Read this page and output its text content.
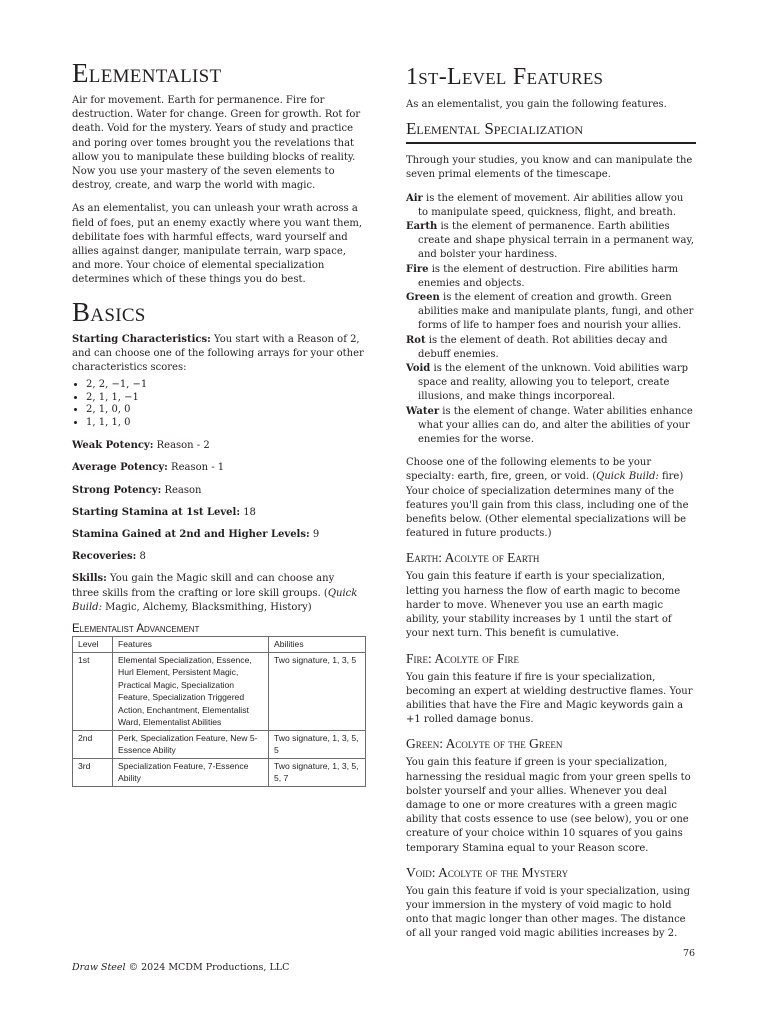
Elementalist

Air for movement. Earth for permanence. Fire for destruction. Water for change. Green for growth. Rot for death. Void for the mystery. Years of study and practice and poring over tomes brought you the revelations that allow you to manipulate these building blocks of reality. Now you use your mastery of the seven elements to destroy, create, and warp the world with magic.

As an elementalist, you can unleash your wrath across a field of foes, put an enemy exactly where you want them, debilitate foes with harmful effects, ward yourself and allies against danger, manipulate terrain, warp space, and more. Your choice of elemental specialization determines which of these things you do best.

Basics

Starting Characteristics: You start with a Reason of 2, and can choose one of the following arrays for your other characteristics scores:

• 2, 2, −1, −1
• 2, 1, 1, −1
• 2, 1, 0, 0
• 1, 1, 1, 0

Weak Potency: Reason - 2

Average Potency: Reason - 1

Strong Potency: Reason

Starting Stamina at 1st Level: 18

Stamina Gained at 2nd and Higher Levels: 9

Recoveries: 8

Skills: You gain the Magic skill and can choose any three skills from the crafting or lore skill groups. (Quick Build: Magic, Alchemy, Blacksmithing, History)

Elementalist Advancement
Level	Features	Abilities
1st	Elemental Specialization, Essence, Hurl Element, Persistent Magic, Practical Magic, Specialization Feature, Specialization Triggered Action, Enchantment, Elementalist Ward, Elementalist Abilities	Two signature, 1, 3, 5
2nd	Perk, Specialization Feature, New 5-Essence Ability	Two signature, 1, 3, 5, 5
3rd	Specialization Feature, 7-Essence Ability	Two signature, 1, 3, 5, 5, 7
1st-Level Features

As an elementalist, you gain the following features.

Elemental Specialization

Through your studies, you know and can manipulate the seven primal elements of the timescape.

Air is the element of movement. Air abilities allow you to manipulate speed, quickness, flight, and breath.

Earth is the element of permanence. Earth abilities create and shape physical terrain in a permanent way, and bolster your hardiness.

Fire is the element of destruction. Fire abilities harm enemies and objects.

Green is the element of creation and growth. Green abilities make and manipulate plants, fungi, and other forms of life to hamper foes and nourish your allies.

Rot is the element of death. Rot abilities decay and debuff enemies.

Void is the element of the unknown. Void abilities warp space and reality, allowing you to teleport, create illusions, and make things incorporeal.

Water is the element of change. Water abilities enhance what your allies can do, and alter the abilities of your enemies for the worse.

Choose one of the following elements to be your specialty: earth, fire, green, or void. (Quick Build: fire) Your choice of specialization determines many of the features you'll gain from this class, including one of the benefits below. (Other elemental specializations will be featured in future products.)

Earth: Acolyte of Earth

You gain this feature if earth is your specialization, letting you harness the flow of earth magic to become harder to move. Whenever you use an earth magic ability, your stability increases by 1 until the start of your next turn. This benefit is cumulative.

Fire: Acolyte of Fire

You gain this feature if fire is your specialization, becoming an expert at wielding destructive flames. Your abilities that have the Fire and Magic keywords gain a +1 rolled damage bonus.

Green: Acolyte of the Green

You gain this feature if green is your specialization, harnessing the residual magic from your green spells to bolster yourself and your allies. Whenever you deal damage to one or more creatures with a green magic ability that costs essence to use (see below), you or one creature of your choice within 10 squares of you gains temporary Stamina equal to your Reason score.

Void: Acolyte of the Mystery

You gain this feature if void is your specialization, using your immersion in the mystery of void magic to hold onto that magic longer than other mages. The distance of all your ranged void magic abilities increases by 2.

76
Draw Steel © 2024 MCDM Productions, LLC
